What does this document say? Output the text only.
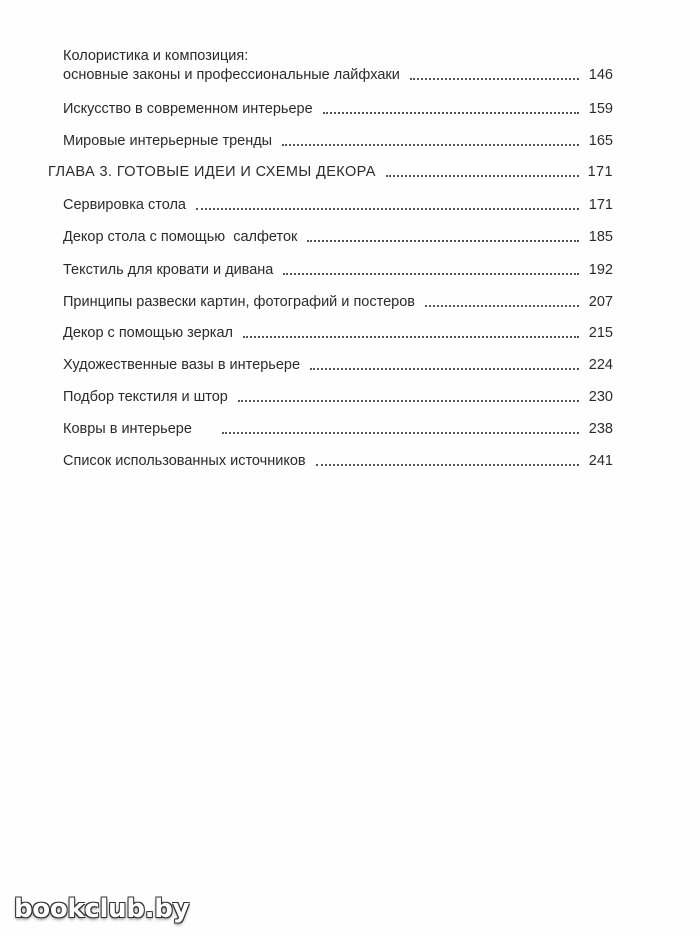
Колористика и композиция:
основные законы и профессиональные лайфхаки	146
Искусство в современном интерьере	159
Мировые интерьерные тренды	165
ГЛАВА 3. ГОТОВЫЕ ИДЕИ И СХЕМЫ ДЕКОРА	171
Сервировка стола	171
Декор стола с помощью  салфеток	185
Текстиль для кровати и дивана	192
Принципы развески картин, фотографий и постеров	207
Декор с помощью зеркал	215
Художественные вазы в интерьере	224
Подбор текстиля и штор	230
Ковры в интерьере	238
Список использованных источников	241
bookclub.by
